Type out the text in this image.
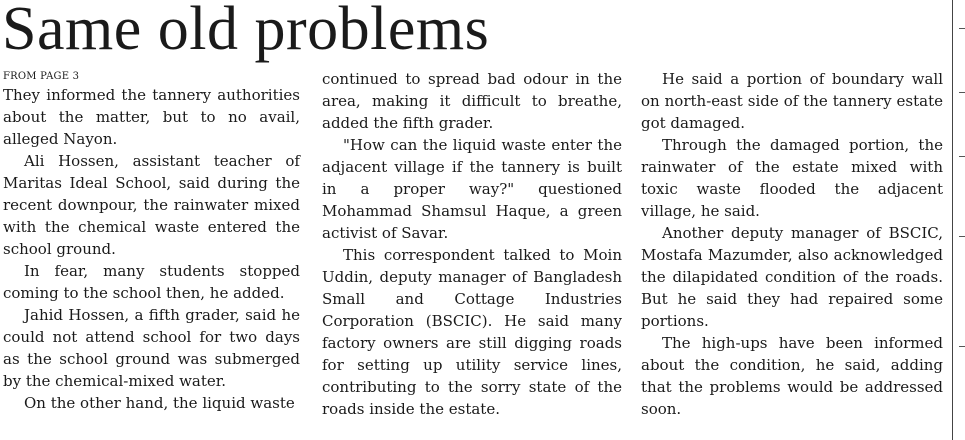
Same old problems
FROM PAGE 3

They informed the tannery authorities about the matter, but to no avail, alleged Nayon.

Ali Hossen, assistant teacher of Maritas Ideal School, said during the recent downpour, the rainwater mixed with the chemical waste entered the school ground.

In fear, many students stopped coming to the school then, he added.

Jahid Hossen, a fifth grader, said he could not attend school for two days as the school ground was submerged by the chemical-mixed water.

On the other hand, the liquid waste

continued to spread bad odour in the area, making it difficult to breathe, added the fifth grader.

"How can the liquid waste enter the adjacent village if the tannery is built in a proper way?" questioned Mohammad Shamsul Haque, a green activist of Savar.

This correspondent talked to Moin Uddin, deputy manager of Bangladesh Small and Cottage Industries Corporation (BSCIC). He said many factory owners are still digging roads for setting up utility service lines, contributing to the sorry state of the roads inside the estate.

He said a portion of boundary wall on north-east side of the tannery estate got damaged.

Through the damaged portion, the rainwater of the estate mixed with toxic waste flooded the adjacent village, he said.

Another deputy manager of BSCIC, Mostafa Mazumder, also acknowledged the dilapidated condition of the roads. But he said they had repaired some portions.

The high-ups have been informed about the condition, he said, adding that the problems would be addressed soon.
